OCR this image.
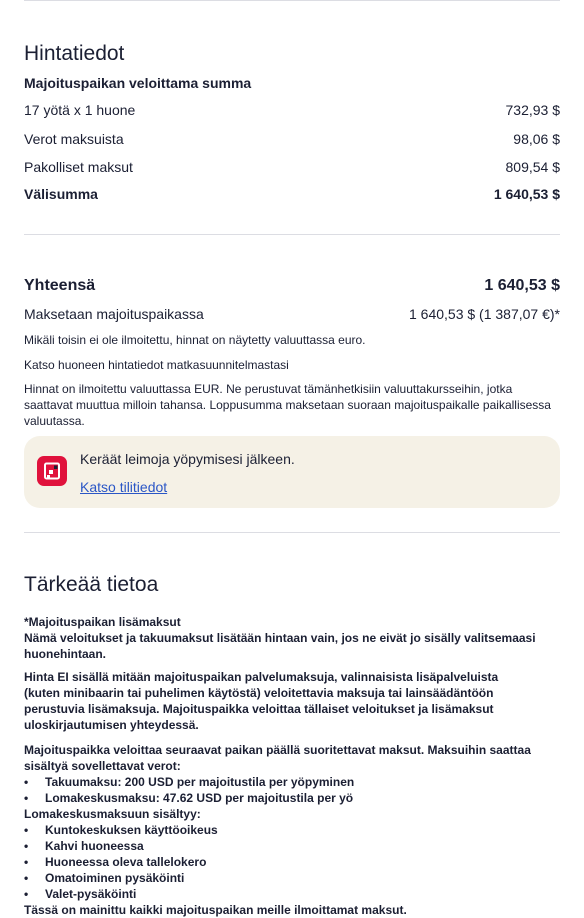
Hintatiedot
Majoituspaikan veloittama summa
17 yötä x 1 huone	732,93 $
Verot maksuista	98,06 $
Pakolliset maksut	809,54 $
Välisumma	1 640,53 $
Yhteensä	1 640,53 $
Maksetaan majoituspaikassa	1 640,53 $ (1 387,07 €)*
Mikäli toisin ei ole ilmoitettu, hinnat on näytetty valuuttassa euro.
Katso huoneen hintatiedot matkasuunnitelmastasi
Hinnat on ilmoitettu valuuttassa EUR. Ne perustuvat tämänhetkisiin valuuttakursseihin, jotka saattavat muuttua milloin tahansa. Loppusumma maksetaan suoraan majoituspaikalle paikallisessa valuutassa.
Keräät leimoja yöpymisesi jälkeen.
Katso tilitiedot
Tärkeää tietoa
*Majoituspaikan lisämaksut
Nämä veloitukset ja takuumaksut lisätään hintaan vain, jos ne eivät jo sisälly valitsemaasi huonehintaan.
Hinta EI sisällä mitään majoituspaikan palvelumaksuja, valinnaisista lisäpalveluista (kuten minibaarin tai puhelimen käytöstä) veloitettavia maksuja tai lainsäädäntöön perustuvia lisämaksuja. Majoituspaikka veloittaa tällaiset veloitukset ja lisämaksut uloskirjautumisen yhteydessä.
Majoituspaikka veloittaa seuraavat paikan päällä suoritettavat maksut. Maksuihin saattaa sisältyä sovellettavat verot:
•	Takuumaksu: 200 USD per majoitustila per yöpyminen
•	Lomakeskusmaksu: 47.62 USD per majoitustila per yö
Lomakeskusmaksuun sisältyy:
•	Kuntokeskuksen käyttöoikeus
•	Kahvi huoneessa
•	Huoneessa oleva tallelokero
•	Omatoiminen pysäköinti
•	Valet-pysäköinti
Tässä on mainittu kaikki majoituspaikan meille ilmoittamat maksut.
